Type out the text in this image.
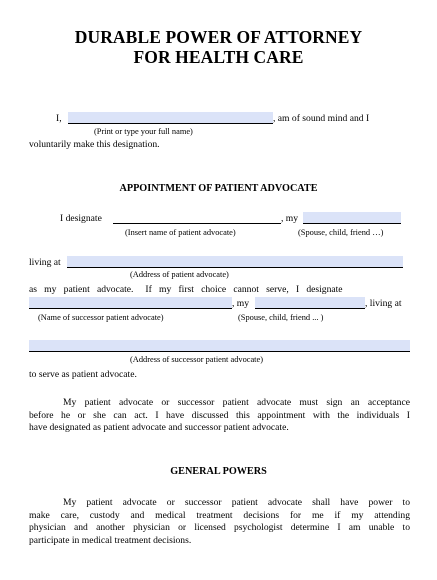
DURABLE POWER OF ATTORNEY
FOR HEALTH CARE
I,	, am of sound mind and I
(Print or type your full name)
voluntarily make this designation.
APPOINTMENT OF PATIENT ADVOCATE
I designate	, my
(Insert name of patient advocate)	(Spouse, child, friend …)
living at
(Address of patient advocate)
as   my   patient   advocate.     If   my   first   choice   cannot   serve,   I   designate
, my	, living at
(Name of successor patient advocate)	(Spouse, child, friend ... )
(Address of successor patient advocate)
to serve as patient advocate.
My patient advocate or successor patient advocate must sign an acceptance
before he or she can act. I have discussed this appointment with the individuals I
have designated as patient advocate and successor patient advocate.
GENERAL POWERS
My patient advocate or successor patient advocate shall have power to
make care, custody and medical treatment decisions for me if my attending
physician and another physician or licensed psychologist determine I am unable to
participate in medical treatment decisions.
